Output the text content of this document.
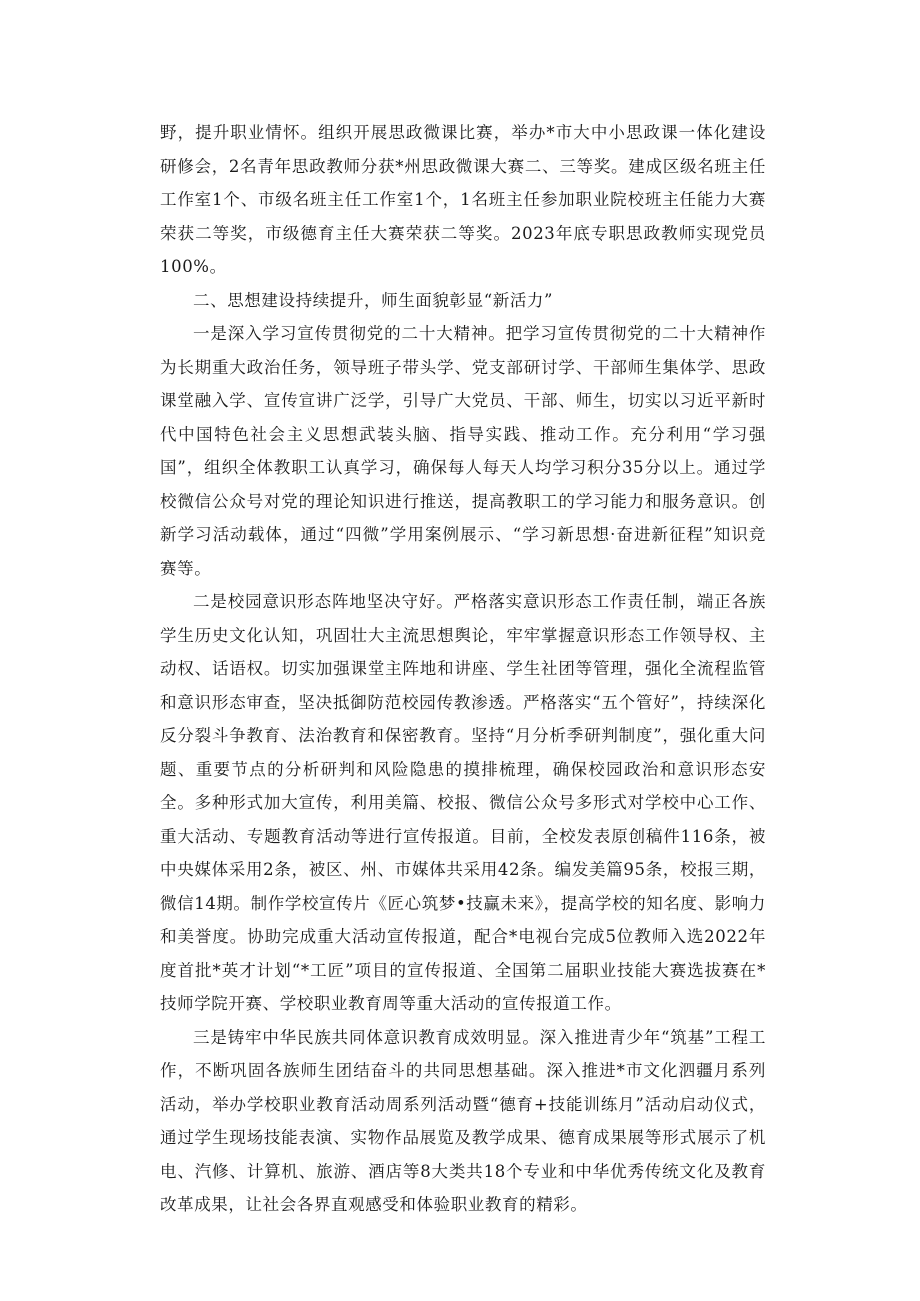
野，提升职业情怀。组织开展思政微课比赛，举办*市大中小思政课一体化建设研修会，2名青年思政教师分获*州思政微课大赛二、三等奖。建成区级名班主任工作室1个、市级名班主任工作室1个，1名班主任参加职业院校班主任能力大赛荣获二等奖，市级德育主任大赛荣获二等奖。2023年底专职思政教师实现党员100%。

二、思想建设持续提升，师生面貌彰显“新活力”

一是深入学习宣传贯彻党的二十大精神。把学习宣传贯彻党的二十大精神作为长期重大政治任务，领导班子带头学、党支部研讨学、干部师生集体学、思政课堂融入学、宣传宣讲广泛学，引导广大党员、干部、师生，切实以习近平新时代中国特色社会主义思想武装头脑、指导实践、推动工作。充分利用“学习强国”，组织全体教职工认真学习，确保每人每天人均学习积分35分以上。通过学校微信公众号对党的理论知识进行推送，提高教职工的学习能力和服务意识。创新学习活动载体，通过“四微”学用案例展示、“学习新思想·奋进新征程”知识竞赛等。

二是校园意识形态阵地坚决守好。严格落实意识形态工作责任制，端正各族学生历史文化认知，巩固壮大主流思想舆论，牢牢掌握意识形态工作领导权、主动权、话语权。切实加强课堂主阵地和讲座、学生社团等管理，强化全流程监管和意识形态审查，坚决抵御防范校园传教渗透。严格落实“五个管好”，持续深化反分裂斗争教育、法治教育和保密教育。坚持“月分析季研判制度”，强化重大问题、重要节点的分析研判和风险隐患的摸排梳理，确保校园政治和意识形态安全。多种形式加大宣传，利用美篇、校报、微信公众号多形式对学校中心工作、重大活动、专题教育活动等进行宣传报道。目前，全校发表原创稿件116条，被中央媒体采用2条，被区、州、市媒体共采用42条。编发美篇95条，校报三期，微信14期。制作学校宣传片《匠心筑梦•技赢未来》，提高学校的知名度、影响力和美誉度。协助完成重大活动宣传报道，配合*电视台完成5位教师入选2022年度首批*英才计划“*工匠”项目的宣传报道、全国第二届职业技能大赛选拔赛在*技师学院开赛、学校职业教育周等重大活动的宣传报道工作。

三是铸牢中华民族共同体意识教育成效明显。深入推进青少年“筑基”工程工作，不断巩固各族师生团结奋斗的共同思想基础。深入推进*市文化泗疆月系列活动，举办学校职业教育活动周系列活动暨“德育+技能训练月”活动启动仪式，通过学生现场技能表演、实物作品展览及教学成果、德育成果展等形式展示了机电、汽修、计算机、旅游、酒店等8大类共18个专业和中华优秀传统文化及教育改革成果，让社会各界直观感受和体验职业教育的精彩。
